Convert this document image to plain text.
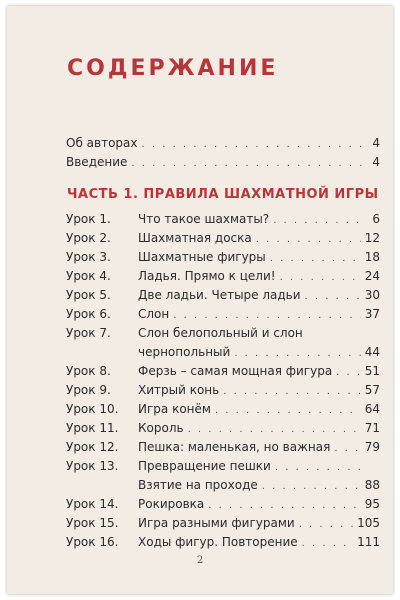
СОДЕРЖАНИЕ
Об авторах . . .	4
Введение . . .	4
ЧАСТЬ 1. ПРАВИЛА ШАХМАТНОЙ ИГРЫ
Урок 1.	Что такое шахматы? . . .	6
Урок 2.	Шахматная доска . . .	12
Урок 3.	Шахматные фигуры . . .	18
Урок 4.	Ладья. Прямо к цели! . . .	24
Урок 5.	Две ладьи. Четыре ладьи . . .	30
Урок 6.	Слон . . .	37
Урок 7.	Слон белопольный и слон
чернопольный . . .	44
Урок 8.	Ферзь – самая мощная фигура . . .	51
Урок 9.	Хитрый конь . . .	57
Урок 10.	Игра конём . . .	64
Урок 11.	Король . . .	71
Урок 12.	Пешка: маленькая, но важная . . .	79
Урок 13.	Превращение пешки
. . .
Взятие на проходе . . .	88
Урок 14.	Рокировка . . .	95
Урок 15.	Игра разными фигурами . . .	105
Урок 16.	Ходы фигур. Повторение . . .	111
2
